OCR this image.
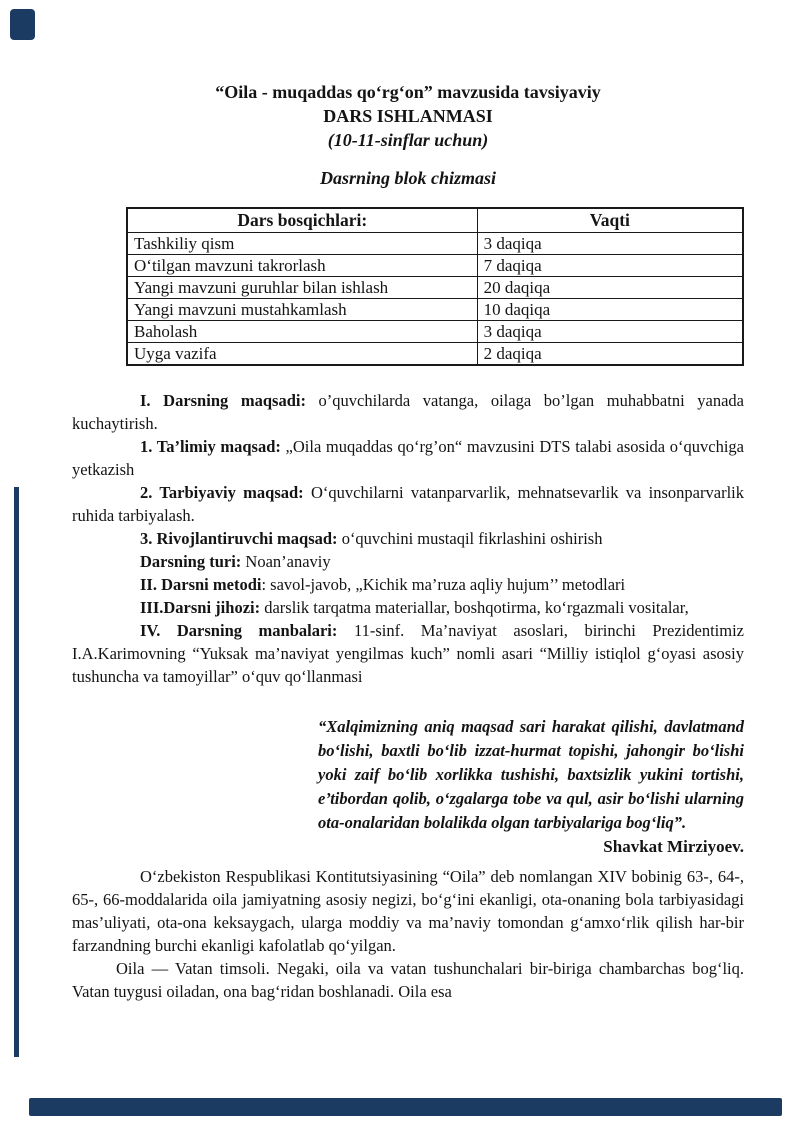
“Oila - muqaddas qo‘rg‘on” mavzusida tavsiyaviy
DARS ISHLANMASI
(10-11-sinflar uchun)
Dasrning blok chizmasi
Dars bosqichlari:	Vaqti
Tashkiliy qism	3 daqiqa
O‘tilgan mavzuni takrorlash	7 daqiqa
Yangi mavzuni guruhlar bilan ishlash	20 daqiqa
Yangi mavzuni mustahkamlash	10 daqiqa
Baholash	3 daqiqa
Uyga vazifa	2 daqiqa

I. Darsning maqsadi: o’quvchilarda vatanga, oilaga bo’lgan muhabbatni yanada kuchaytirish.

1. Ta’limiy maqsad: „Oila muqaddas qo‘rg’on“ mavzusini DTS talabi asosida o‘quvchiga yetkazish

2. Tarbiyaviy maqsad: O‘quvchilarni vatanparvarlik, mehnatsevarlik va insonparvarlik ruhida tarbiyalash.

3. Rivojlantiruvchi maqsad: o‘quvchini mustaqil fikrlashini oshirish

Darsning turi: Noan’anaviy

II. Darsni metodi: savol-javob, „Kichik ma’ruza aqliy hujum’’ metodlari

III.Darsni jihozi: darslik tarqatma materiallar, boshqotirma, ko‘rgazmali vositalar,

IV. Darsning manbalari: 11-sinf. Ma’naviyat asoslari, birinchi Prezidentimiz I.A.Karimovning “Yuksak ma’naviyat yengilmas kuch” nomli asari “Milliy istiqlol g‘oyasi asosiy tushuncha va tamoyillar” o‘quv qo‘llanmasi

“Xalqimizning aniq maqsad sari harakat qilishi, davlatmand bo‘lishi, baxtli bo‘lib izzat-hurmat topishi, jahongir bo‘lishi yoki zaif bo‘lib xorlikka tushishi, baxtsizlik yukini tortishi, e’tibordan qolib, o‘zgalarga tobe va qul, asir bo‘lishi ularning ota-onalaridan bolalikda olgan tarbiyalariga bog‘liq”.
Shavkat Mirziyoev.

O‘zbekiston Respublikasi Kontitutsiyasining “Oila” deb nomlangan XIV bobinig 63-, 64-, 65-, 66-moddalarida oila jamiyatning asosiy negizi, bo‘g‘ini ekanligi, ota-onaning bola tarbiyasidagi mas’uliyati, ota-ona keksaygach, ularga moddiy va ma’naviy tomondan g‘amxo‘rlik qilish har-bir farzandning burchi ekanligi kafolatlab qo‘yilgan.

Oila — Vatan timsoli. Negaki, oila va vatan tushunchalari bir-biriga chambarchas bog‘liq. Vatan tuygusi oiladan, ona bag‘ridan boshlanadi. Oila esa
